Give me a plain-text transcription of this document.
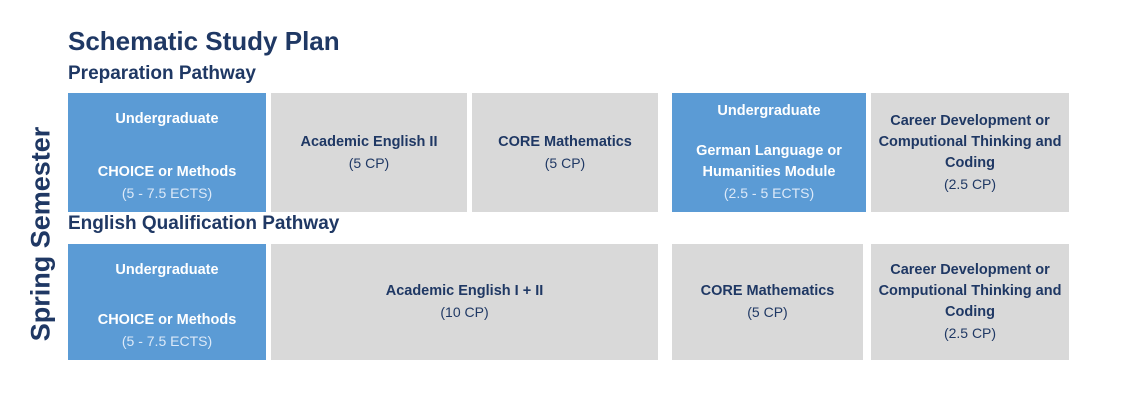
Schematic Study Plan
Spring Semester
Preparation Pathway
Undergraduate
CHOICE or Methods
(5 - 7.5 ECTS)
Academic English II
(5 CP)
CORE Mathematics
(5 CP)
Undergraduate
German Language or
Humanities Module
(2.5 - 5 ECTS)
Career Development or
Computional Thinking and
Coding
(2.5 CP)
English Qualification Pathway
Undergraduate
CHOICE or Methods
(5 - 7.5 ECTS)
Academic English I + II
(10 CP)
CORE Mathematics
(5 CP)
Career Development or
Computional Thinking and
Coding
(2.5 CP)
